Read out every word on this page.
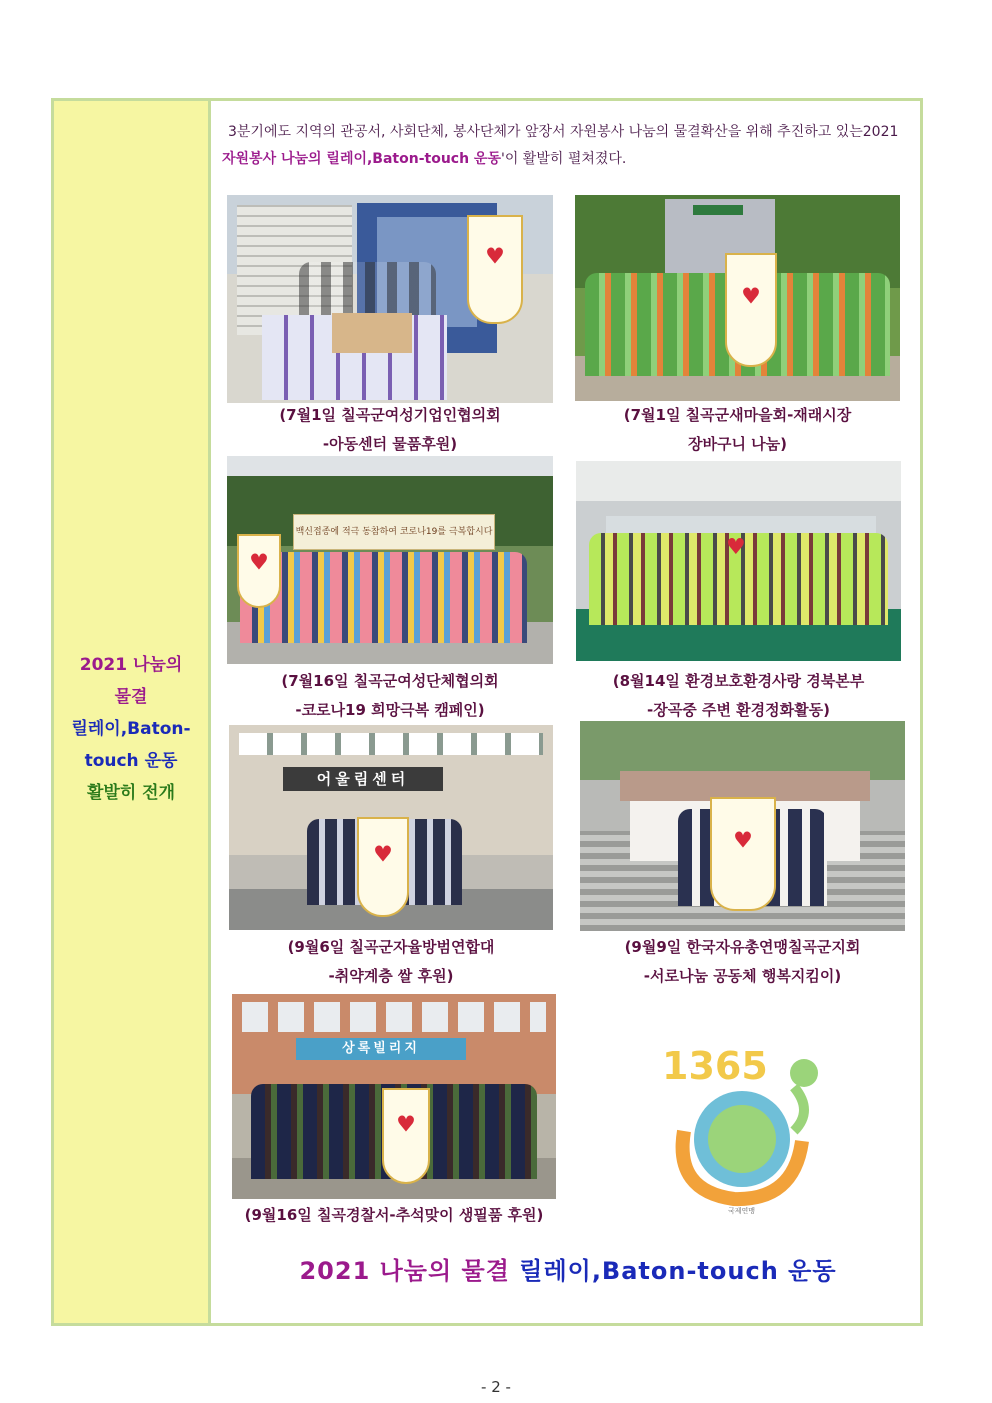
2021 나눔의
물결
릴레이,Baton-
touch 운동
활발히 전개
3분기에도 지역의 관공서, 사회단체, 봉사단체가 앞장서 자원봉사 나눔의 물결확산을 위해 추진하고 있는2021 자원봉사 나눔의 릴레이,Baton-touch 운동'이 활발히 펼쳐졌다.
♥
(7월1일 칠곡군여성기업인협의회
-아동센터 물품후원)
♥
(7월1일 칠곡군새마을회-재래시장
장바구니 나눔)
백신접종에 적극 동참하여 코로나19를 극복합시다
♥
(7월16일 칠곡군여성단체협의회
-코로나19 희망극복 캠페인)
♥
(8월14일 환경보호환경사랑 경북본부
-장곡중 주변 환경정화활동)
어울림센터
♥
(9월6일 칠곡군자율방범연합대
-취약계층 쌀 후원)
♥
(9월9일 한국자유총연맹칠곡군지회
-서로나눔 공동체 행복지킴이)
상록빌리지
♥
(9월16일 칠곡경찰서-추석맞이 생필품 후원)
1365
국제연맹
2021 나눔의 물결 릴레이,Baton-touch 운동
- 2 -
